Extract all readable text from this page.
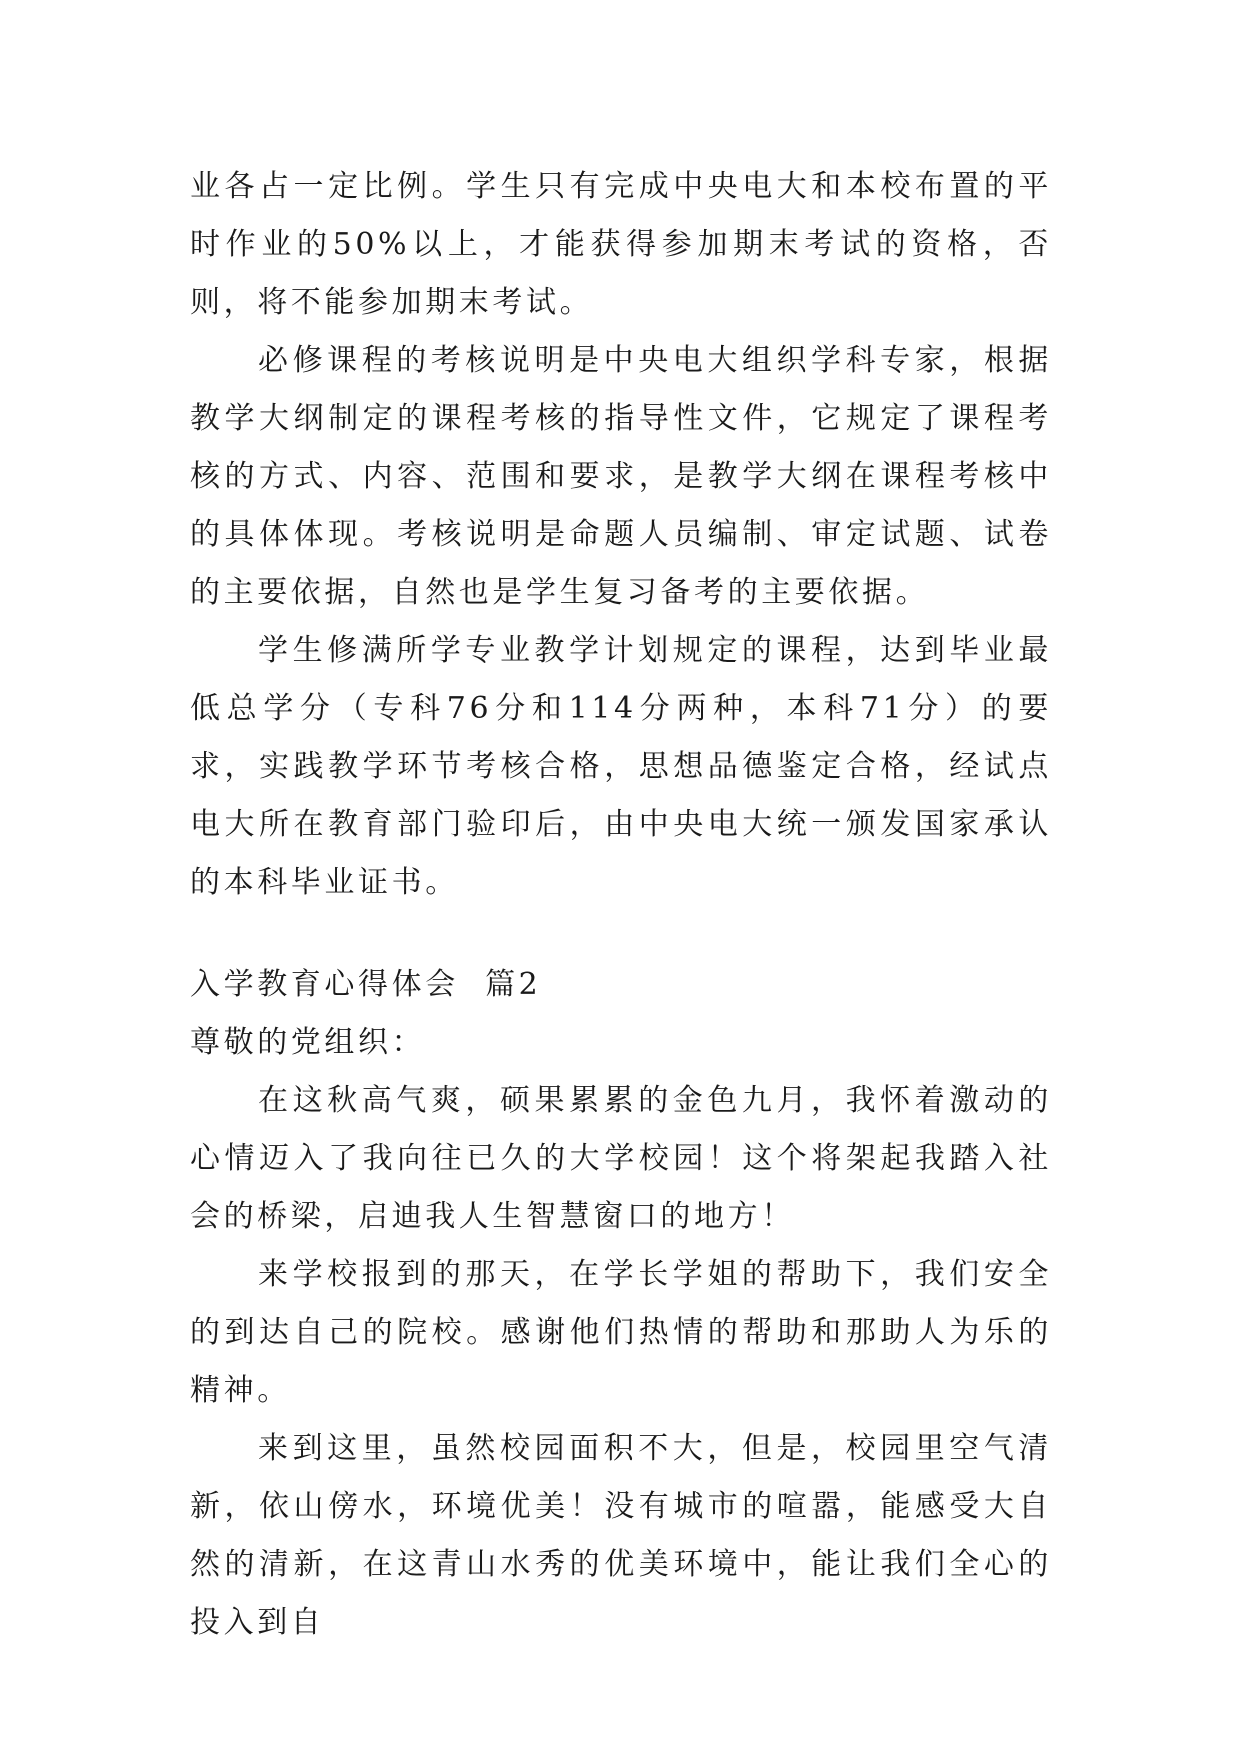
业各占一定比例。学生只有完成中央电大和本校布置的平时作业的50%以上，才能获得参加期末考试的资格，否则，将不能参加期末考试。

必修课程的考核说明是中央电大组织学科专家，根据教学大纲制定的课程考核的指导性文件，它规定了课程考核的方式、内容、范围和要求，是教学大纲在课程考核中的具体体现。考核说明是命题人员编制、审定试题、试卷的主要依据，自然也是学生复习备考的主要依据。

学生修满所学专业教学计划规定的课程，达到毕业最低总学分（专科76分和114分两种，本科71分）的要求，实践教学环节考核合格，思想品德鉴定合格，经试点电大所在教育部门验印后，由中央电大统一颁发国家承认的本科毕业证书。

入学教育心得体会  篇2

尊敬的党组织：

在这秋高气爽，硕果累累的金色九月，我怀着激动的心情迈入了我向往已久的大学校园！这个将架起我踏入社会的桥梁，启迪我人生智慧窗口的地方！

来学校报到的那天，在学长学姐的帮助下，我们安全的到达自己的院校。感谢他们热情的帮助和那助人为乐的精神。

来到这里，虽然校园面积不大，但是，校园里空气清新，依山傍水，环境优美！没有城市的喧嚣，能感受大自然的清新，在这青山水秀的优美环境中，能让我们全心的投入到自
